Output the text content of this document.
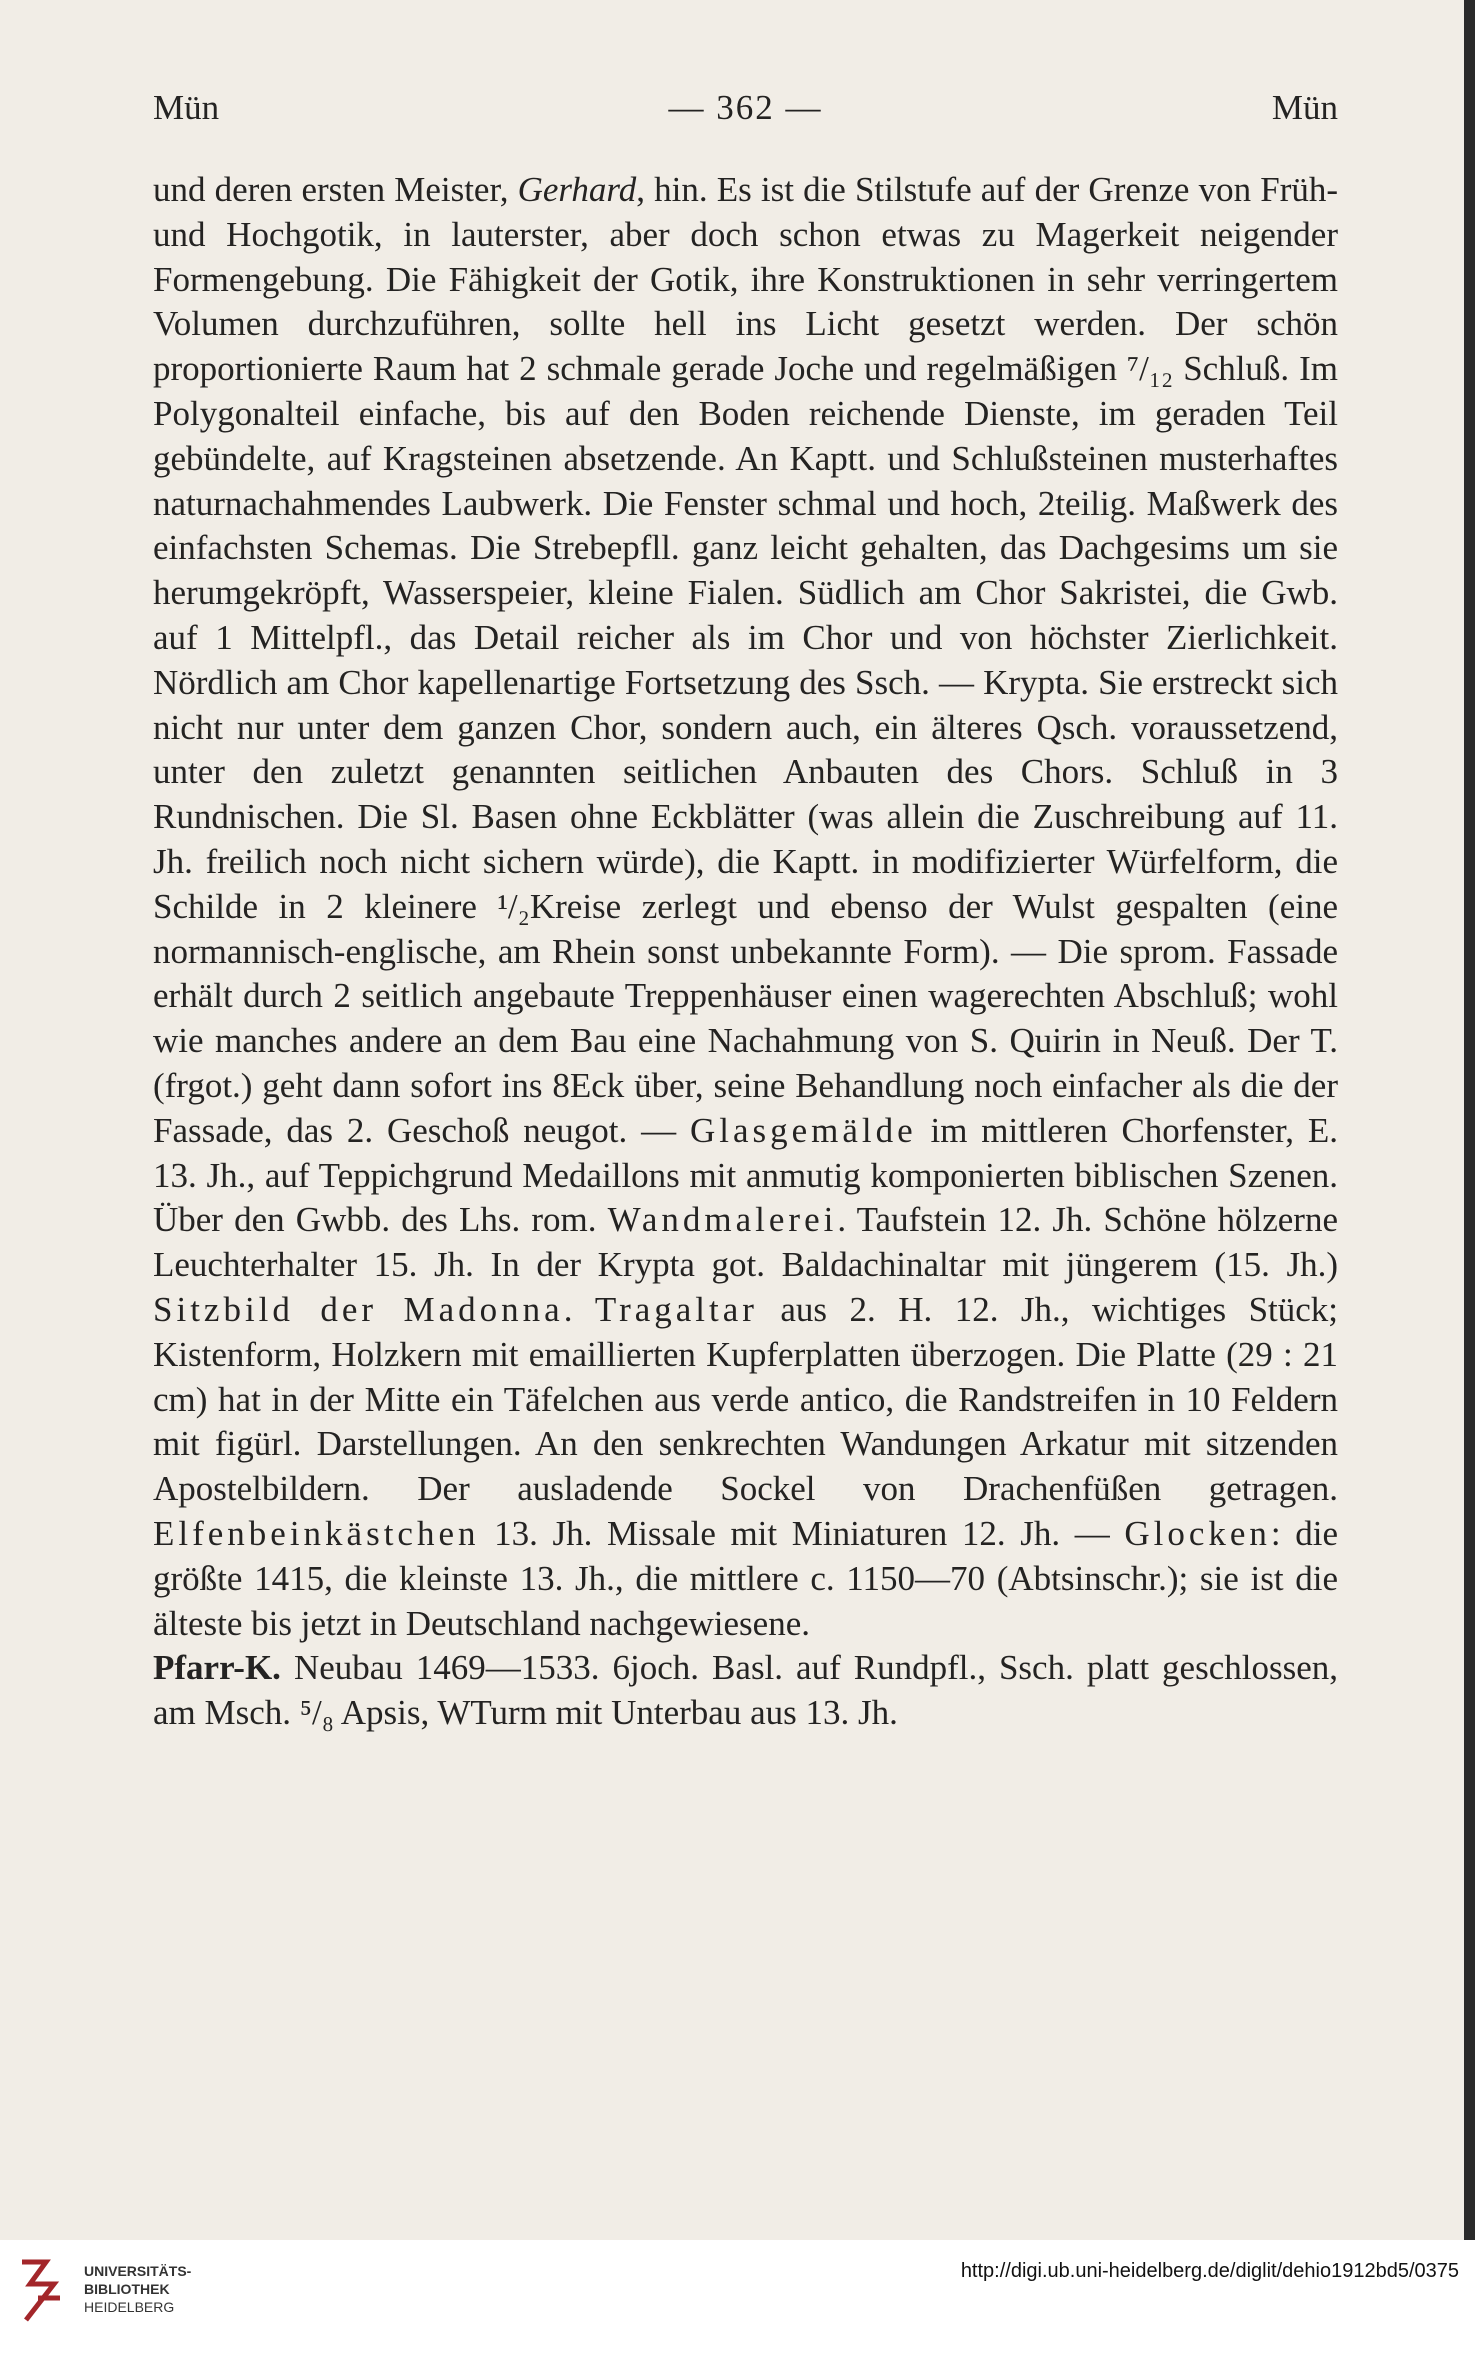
Mün	— 362 —	Mün

und deren ersten Meister, Gerhard, hin. Es ist die Stilstufe auf der Grenze von Früh- und Hochgotik, in lauterster, aber doch schon etwas zu Magerkeit neigender Formengebung. Die Fähigkeit der Gotik, ihre Konstruktionen in sehr verringertem Volumen durchzuführen, sollte hell ins Licht gesetzt werden. Der schön proportionierte Raum hat 2 schmale gerade Joche und regelmäßigen ⁷/₁₂ Schluß. Im Polygonalteil einfache, bis auf den Boden reichende Dienste, im geraden Teil gebündelte, auf Kragsteinen absetzende. An Kaptt. und Schlußsteinen musterhaftes naturnachahmendes Laubwerk. Die Fenster schmal und hoch, 2teilig. Maßwerk des einfachsten Schemas. Die Strebepfll. ganz leicht gehalten, das Dachgesims um sie herumgekröpft, Wasserspeier, kleine Fialen. Südlich am Chor Sakristei, die Gwb. auf 1 Mittelpfl., das Detail reicher als im Chor und von höchster Zierlichkeit. Nördlich am Chor kapellenartige Fortsetzung des Ssch. — Krypta. Sie erstreckt sich nicht nur unter dem ganzen Chor, sondern auch, ein älteres Qsch. voraussetzend, unter den zuletzt genannten seitlichen Anbauten des Chors. Schluß in 3 Rundnischen. Die Sl. Basen ohne Eckblätter (was allein die Zuschreibung auf 11. Jh. freilich noch nicht sichern würde), die Kaptt. in modifizierter Würfelform, die Schilde in 2 kleinere ¹/₂Kreise zerlegt und ebenso der Wulst gespalten (eine normannisch-englische, am Rhein sonst unbekannte Form). — Die sprom. Fassade erhält durch 2 seitlich angebaute Treppenhäuser einen wagerechten Abschluß; wohl wie manches andere an dem Bau eine Nachahmung von S. Quirin in Neuß. Der T. (frgot.) geht dann sofort ins 8Eck über, seine Behandlung noch einfacher als die der Fassade, das 2. Geschoß neugot. — Glasgemälde im mittleren Chorfenster, E. 13. Jh., auf Teppichgrund Medaillons mit anmutig komponierten biblischen Szenen. Über den Gwbb. des Lhs. rom. Wandmalerei. Taufstein 12. Jh. Schöne hölzerne Leuchterhalter 15. Jh. In der Krypta got. Baldachinaltar mit jüngerem (15. Jh.) Sitzbild der Madonna. Tragaltar aus 2. H. 12. Jh., wichtiges Stück; Kistenform, Holzkern mit emaillierten Kupferplatten überzogen. Die Platte (29 : 21 cm) hat in der Mitte ein Täfelchen aus verde antico, die Randstreifen in 10 Feldern mit figürl. Darstellungen. An den senkrechten Wandungen Arkatur mit sitzenden Apostelbildern. Der ausladende Sockel von Drachenfüßen getragen. Elfenbeinkästchen 13. Jh. Missale mit Miniaturen 12. Jh. — Glocken: die größte 1415, die kleinste 13. Jh., die mittlere c. 1150—70 (Abtsinschr.); sie ist die älteste bis jetzt in Deutschland nachgewiesene.

Pfarr-K. Neubau 1469—1533. 6joch. Basl. auf Rundpfl., Ssch. platt geschlossen, am Msch. ⁵/₈ Apsis, WTurm mit Unterbau aus 13. Jh.

UNIVERSITÄTS-
BIBLIOTHEK
HEIDELBERG
http://digi.ub.uni-heidelberg.de/diglit/dehio1912bd5/0375
